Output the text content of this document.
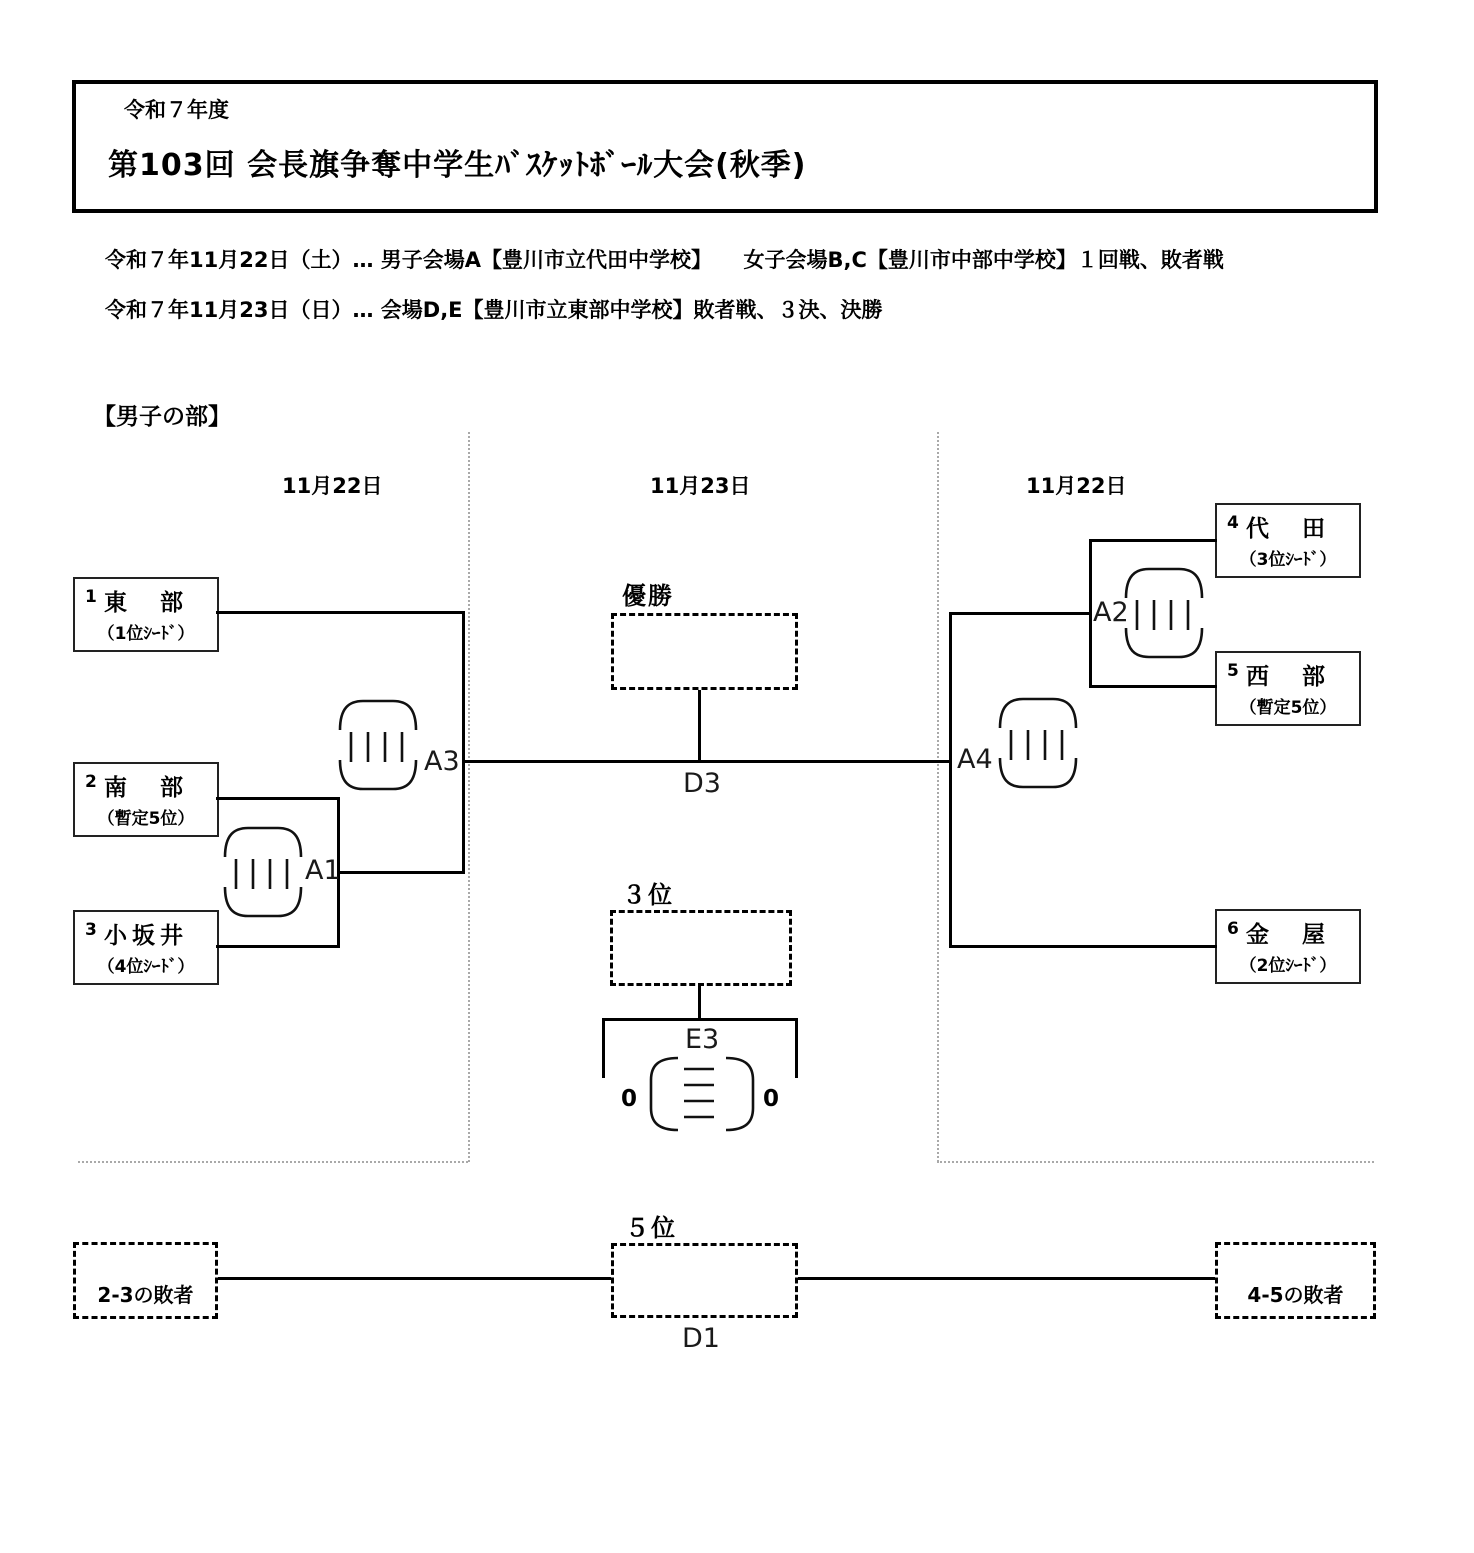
令和７年度
第103回 会長旗争奪中学生ﾊﾞｽｹｯﾄﾎﾞｰﾙ大会(秋季)
令和７年11月22日（土）… 男子会場A【豊川市立代田中学校】　　女子会場B,C【豊川市中部中学校】１回戦、敗者戦
令和７年11月23日（日）… 会場D,E【豊川市立東部中学校】敗者戦、３決、決勝
【男子の部】
11月22日	11月23日	11月22日
1 東　部
（1位ｼｰﾄﾞ）
2 南　部
（暫定5位）
3 小坂井
（4位ｼｰﾄﾞ）
4 代　田
（3位ｼｰﾄﾞ）
5 西　部
（暫定5位）
6 金　屋
（2位ｼｰﾄﾞ）
優勝
３位
５位
2-3の敗者	4-5の敗者
A1
A3
A2
A4
D3
E3
D1
0	0
